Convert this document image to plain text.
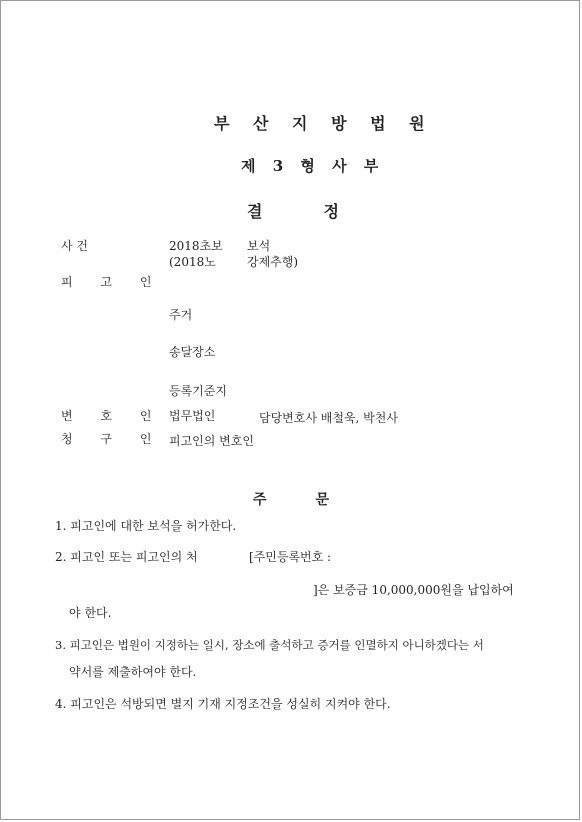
부 산 지 방 법 원
제 3 형 사 부
결	정
사 건	2018초보 보석
(2018노	강제추행)
피 고 인
주거
송달장소
등록기준지
변 호 인 법무법인	담당변호사 배철욱, 박천사
청 구 인 피고인의 변호인
주	문
1. 피고인에 대한 보석을 허가한다.
2. 피고인 또는 피고인의 처	[주민등록번호 :
]은 보증금 10,000,000원을 납입하여
야 한다.
3. 피고인은 법원이 지정하는 일시, 장소에 출석하고 증거를 인멸하지 아니하겠다는 서
약서를 제출하여야 한다.
4. 피고인은 석방되면 별지 기재 지정조건을 성실히 지켜야 한다.
